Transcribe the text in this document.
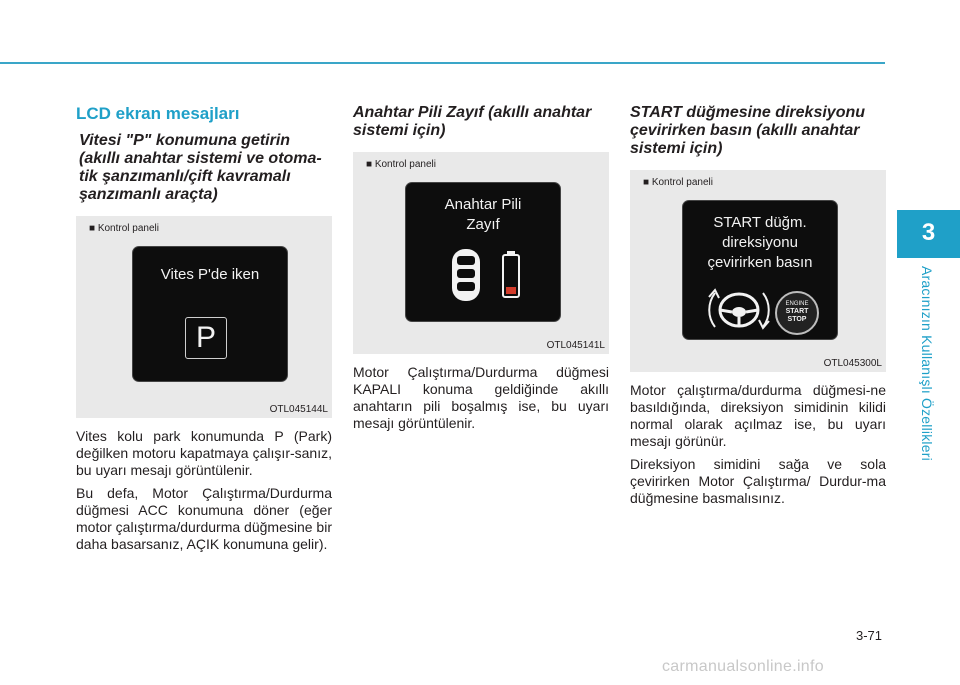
3
Aracınızın Kullanışlı Özellikleri
LCD ekran mesajları
Vitesi "P" konumuna getirin (akıllı anahtar sistemi ve otoma-tik şanzımanlı/çift kavramalı şanzımanlı araçta)
■ Kontrol paneli
Vites P'de iken
P
OTL045144L

Vites kolu park konumunda P (Park) değilken motoru kapatmaya çalışır-sanız, bu uyarı mesajı görüntülenir.

Bu defa, Motor Çalıştırma/Durdurma düğmesi ACC konumuna döner (eğer motor çalıştırma/durdurma düğmesine bir daha basarsanız, AÇIK konumuna gelir).

Anahtar Pili Zayıf (akıllı anahtar sistemi için)
■ Kontrol paneli
Anahtar Pili
Zayıf
OTL045141L

Motor Çalıştırma/Durdurma düğmesi KAPALI konuma geldiğinde akıllı anahtarın pili boşalmış ise, bu uyarı mesajı görüntülenir.

START düğmesine direksiyonu çevirirken basın (akıllı anahtar sistemi için)
■ Kontrol paneli
START düğm.
direksiyonu
çevirirken basın
ENGINE
START
STOP
OTL045300L

Motor çalıştırma/durdurma düğmesi-ne basıldığında, direksiyon simidinin kilidi normal olarak açılmaz ise, bu uyarı mesajı görünür.

Direksiyon simidini sağa ve sola çevirirken Motor Çalıştırma/ Durdur-ma düğmesine basmalısınız.

3-71
carmanualsonline.info
